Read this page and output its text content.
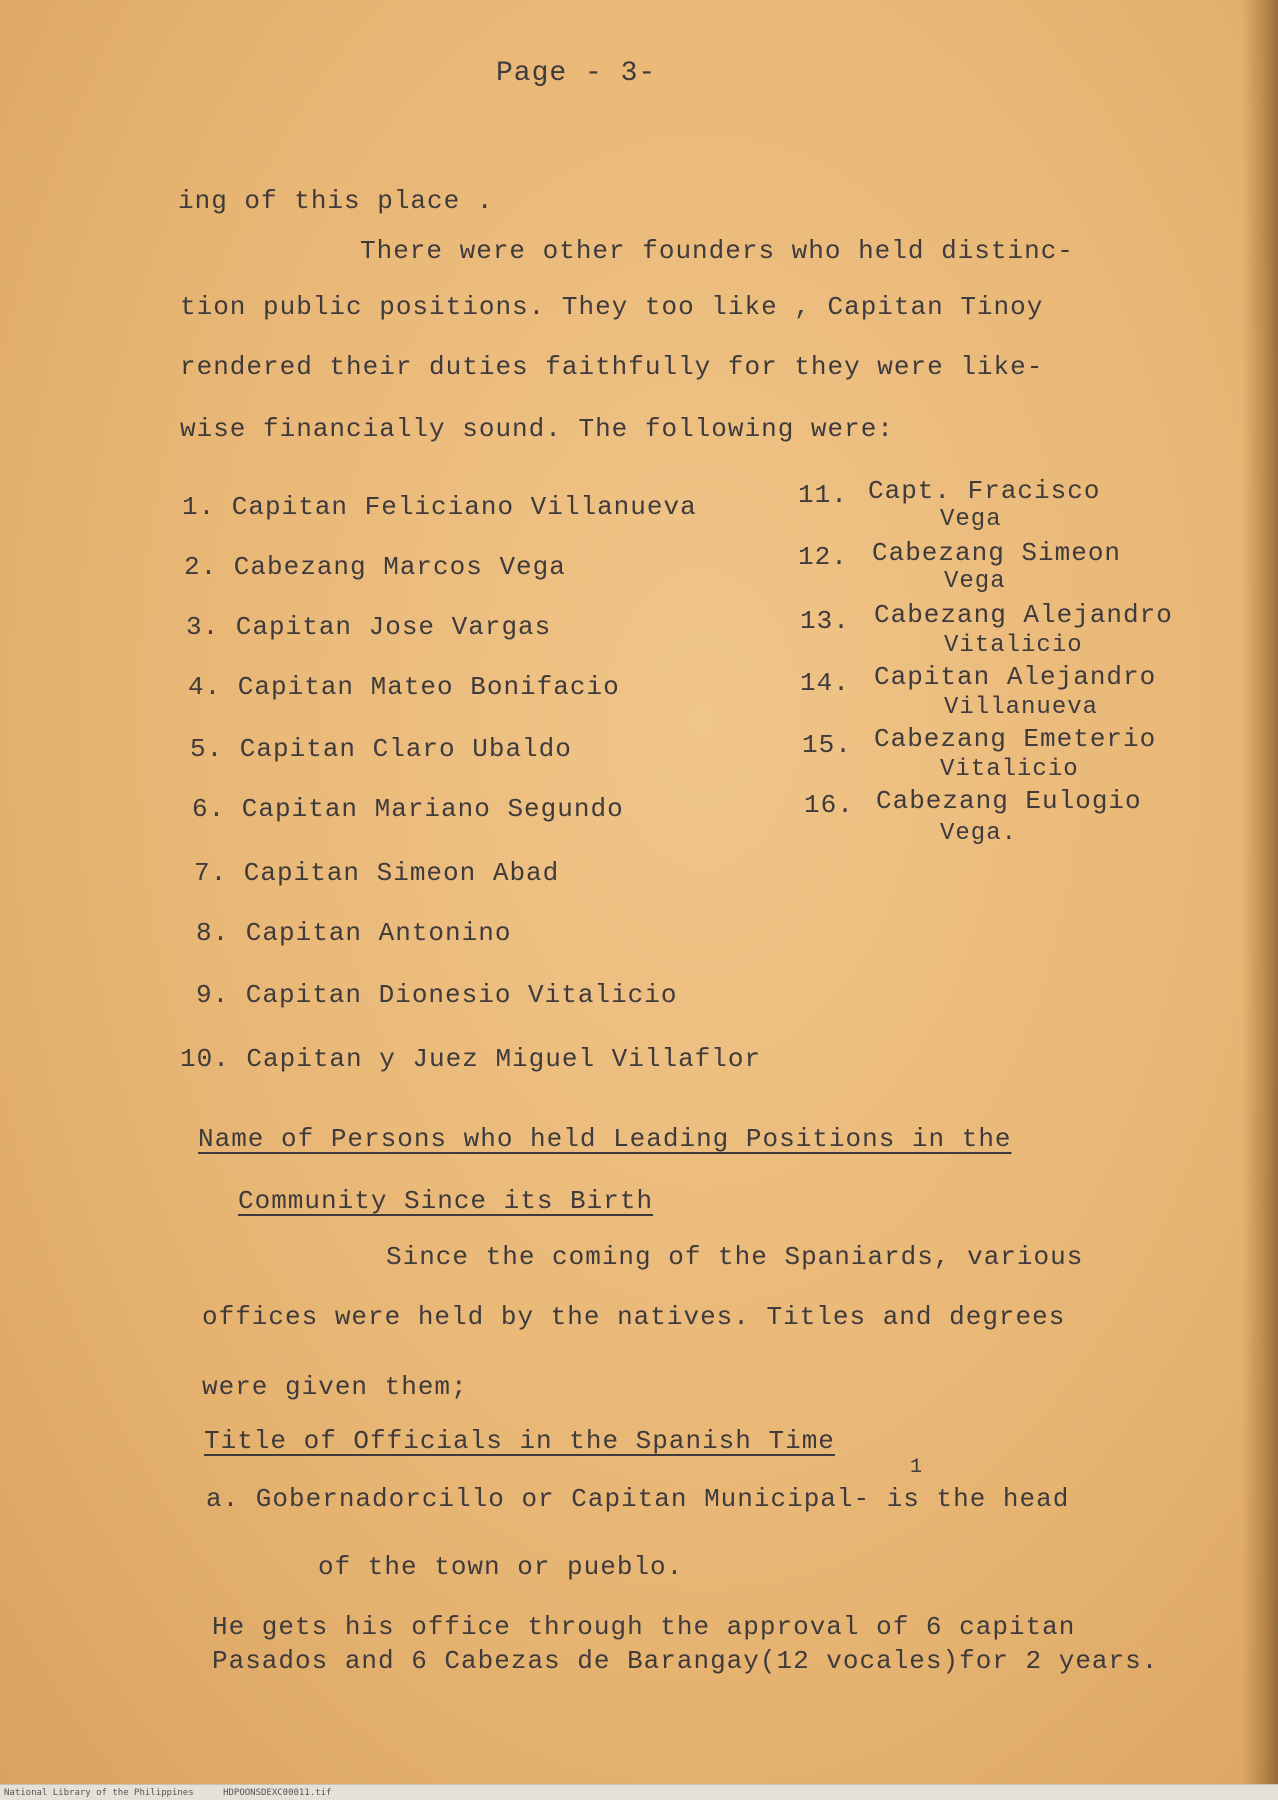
Page - 3-
ing of this place .
There were other founders who held distinc-
tion public positions. They too like , Capitan Tinoy
rendered their duties faithfully for they were like-
wise financially sound. The following were:
1. Capitan Feliciano Villanueva
2. Cabezang Marcos Vega
3. Capitan Jose Vargas
4. Capitan Mateo Bonifacio
5. Capitan Claro Ubaldo
6. Capitan Mariano Segundo
7. Capitan Simeon Abad
8. Capitan Antonino
9. Capitan Dionesio Vitalicio
10. Capitan y Juez Miguel Villaflor
11. Capt. Fracisco
Vega
12. Cabezang Simeon
Vega
13. Cabezang Alejandro
Vitalicio
14. Capitan Alejandro
Villanueva
15. Cabezang Emeterio
Vitalicio
16. Cabezang Eulogio
Vega.
Name of Persons who held Leading Positions in the
Community Since its Birth
Since the coming of the Spaniards, various
offices were held by the natives. Titles and degrees
were given them;
Title of Officials in the Spanish Time
a. Gobernadorcillo or Capitan Municipal- is the head
1
of the town or pueblo.
He gets his office through the approval of 6 capitan
Pasados and 6 Cabezas de Barangay(12 vocales)for 2 years.
National Library of the Philippines	HDPOONSDEXC00011.tif
